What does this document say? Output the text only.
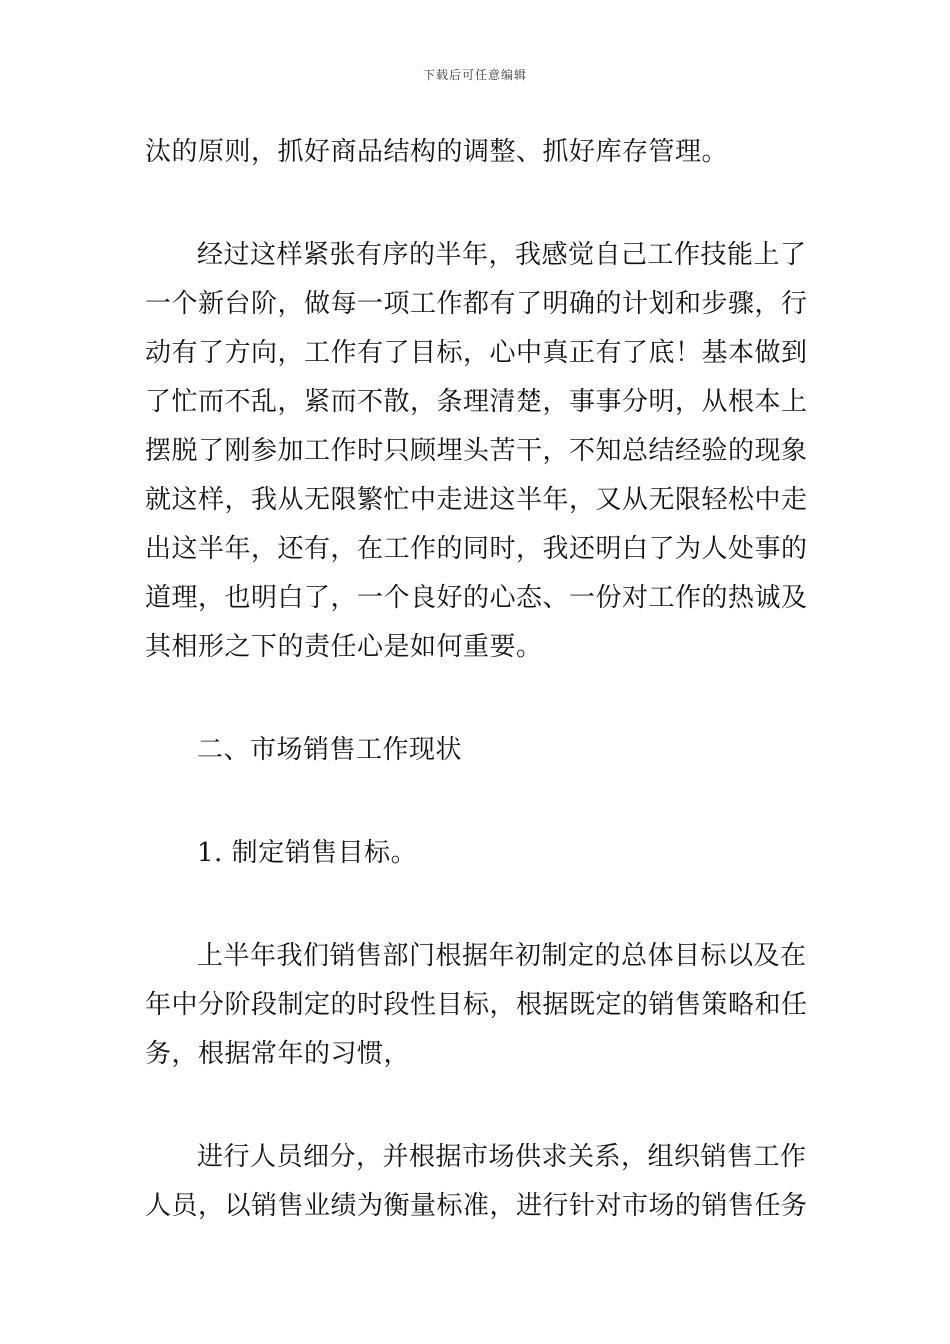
下载后可任意编辑
汰的原则，抓好商品结构的调整、抓好库存管理。
经过这样紧张有序的半年，我感觉自己工作技能上了
一个新台阶，做每一项工作都有了明确的计划和步骤，行
动有了方向，工作有了目标，心中真正有了底！基本做到
了忙而不乱，紧而不散，条理清楚，事事分明，从根本上
摆脱了刚参加工作时只顾埋头苦干，不知总结经验的现象
就这样，我从无限繁忙中走进这半年，又从无限轻松中走
出这半年，还有，在工作的同时，我还明白了为人处事的
道理，也明白了，一个良好的心态、一份对工作的热诚及
其相形之下的责任心是如何重要。
二、市场销售工作现状
1. 制定销售目标。
上半年我们销售部门根据年初制定的总体目标以及在
年中分阶段制定的时段性目标，根据既定的销售策略和任
务，根据常年的习惯，
进行人员细分，并根据市场供求关系，组织销售工作
人员，以销售业绩为衡量标准，进行针对市场的销售任务
